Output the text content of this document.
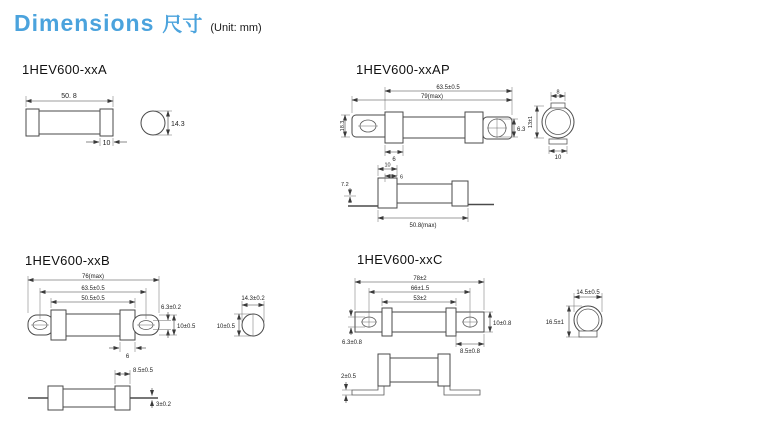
Dimensions 尺寸 (Unit: mm)
1HEV600-xxA	1HEV600-xxAP
1HEV600-xxB	1HEV600-xxC
50. 8
10
14.3
63.5±0.5
79(max)
18.3
6
6.3
8
10
13±1
10
6
7.2
50.8(max)
76(max)
63.5±0.5
50.5±0.5
6.3±0.2
10±0.5
6
14.3±0.2
10±0.5
8.5±0.5
3±0.2
78±2
66±1.5
53±2
10±0.8
8.5±0.8
6.3±0.8
14.5±0.5
16.5±1
2±0.5
